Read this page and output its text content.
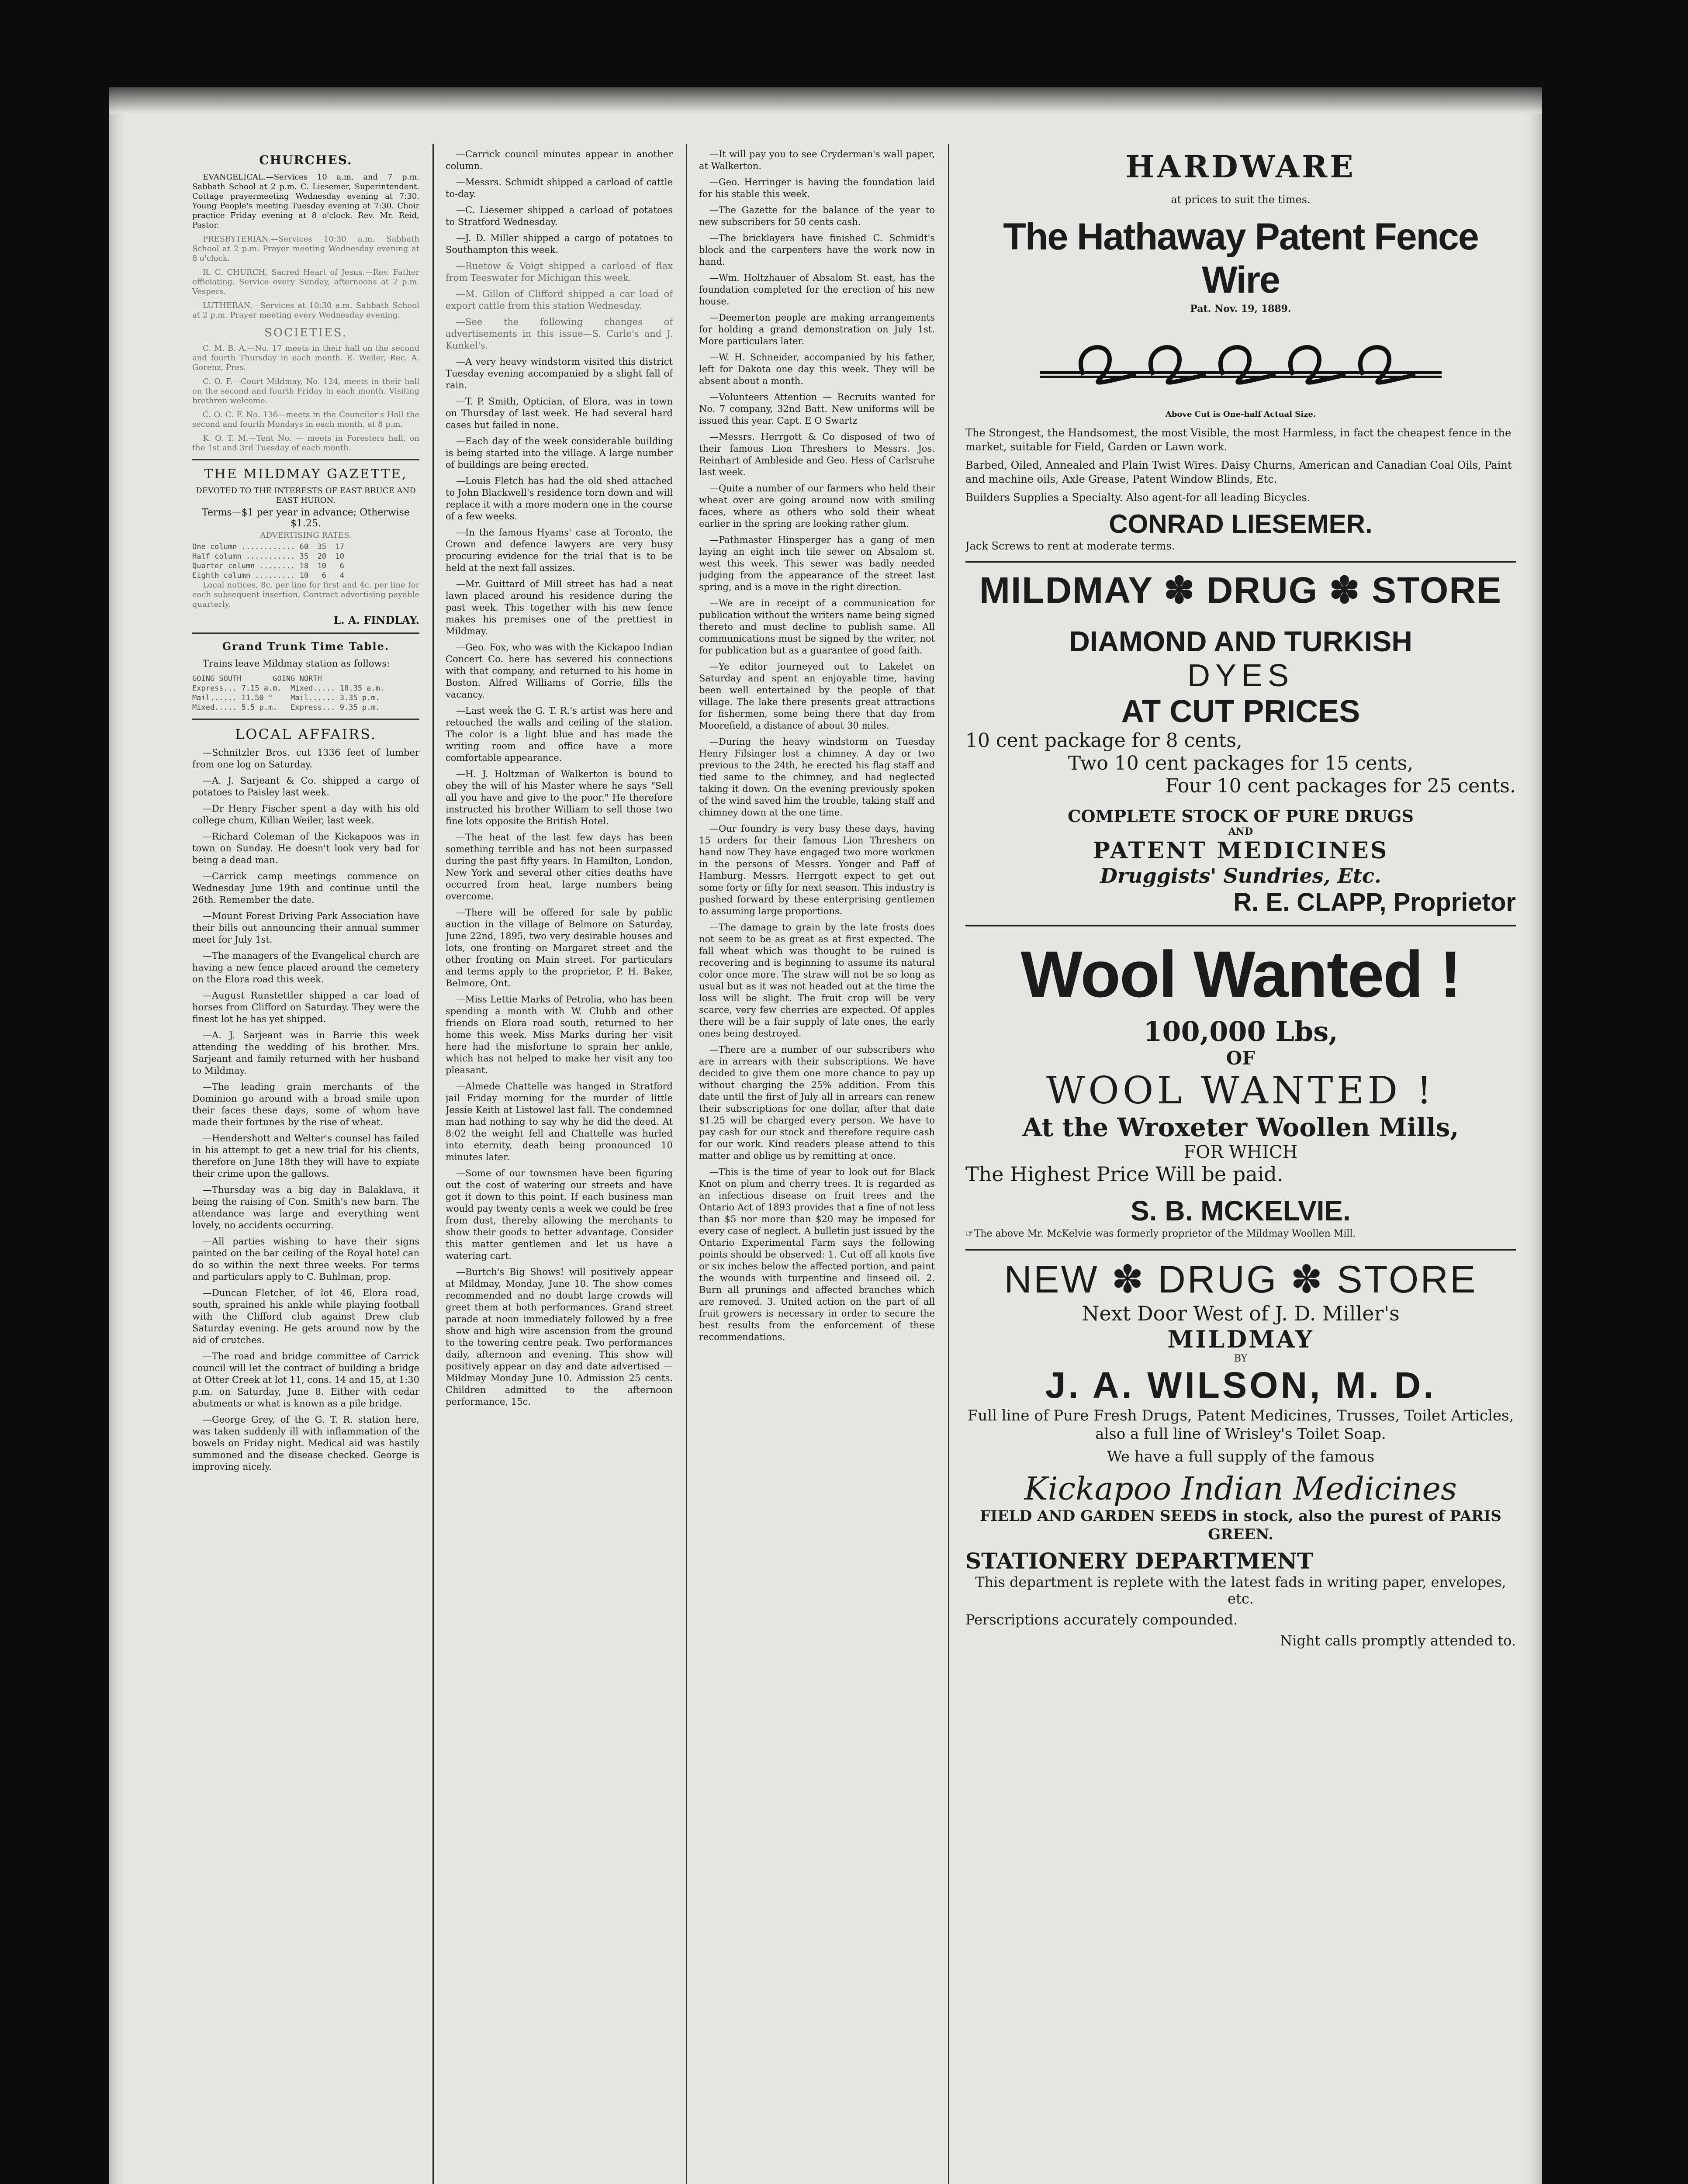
CHURCHES.

EVANGELICAL.—Services 10 a.m. and 7 p.m. Sabbath School at 2 p.m. C. Liesemer, Superintendent. Cottage prayermeeting Wednesday evening at 7:30. Young People's meeting Tuesday evening at 7:30. Choir practice Friday evening at 8 o'clock. Rev. Mr. Reid, Pastor.

PRESBYTERIAN.—Services 10:30 a.m. Sabbath School at 2 p.m. Prayer meeting Wednesday evening at 8 o'clock.

R. C. CHURCH, Sacred Heart of Jesus.—Rev. Father officiating. Service every Sunday, afternoons at 2 p.m. Vespers.

LUTHERAN.—Services at 10:30 a.m. Sabbath School at 2 p.m. Prayer meeting every Wednesday evening.

SOCIETIES.

C. M. B. A.—No. 17 meets in their hall on the second and fourth Thursday in each month. E. Weiler, Rec. A. Gorenz, Pres.

C. O. F.—Court Mildmay, No. 124, meets in their hall on the second and fourth Friday in each month. Visiting brethren welcome.

C. O. C. F. No. 136—meets in the Councilor's Hall the second and fourth Mondays in each month, at 8 p.m.

K. O. T. M.—Tent No. — meets in Foresters hall, on the 1st and 3rd Tuesday of each month.

THE MILDMAY GAZETTE,
DEVOTED TO THE INTERESTS OF EAST BRUCE AND EAST HURON.
Terms—$1 per year in advance; Otherwise $1.25.
ADVERTISING RATES.
One column ............ 60  35  17
Half column ........... 35  20  10
Quarter column ........ 18  10   6
Eighth column ......... 10   6   4

Local notices, 8c. per line for first and 4c. per line for each subsequent insertion. Contract advertising payable quarterly.

L. A. FINDLAY.
Grand Trunk Time Table.

Trains leave Mildmay station as follows:

GOING SOUTH       GOING NORTH
Express... 7.15 a.m.  Mixed..... 10.35 a.m.
Mail...... 11.50 "    Mail...... 3.35 p.m.
Mixed..... 5.5 p.m.   Express... 9.35 p.m.
LOCAL AFFAIRS.

—Schnitzler Bros. cut 1336 feet of lumber from one log on Saturday.

—A. J. Sarjeant & Co. shipped a cargo of potatoes to Paisley last week.

—Dr Henry Fischer spent a day with his old college chum, Killian Weiler, last week.

—Richard Coleman of the Kickapoos was in town on Sunday. He doesn't look very bad for being a dead man.

—Carrick camp meetings commence on Wednesday June 19th and continue until the 26th. Remember the date.

—Mount Forest Driving Park Association have their bills out announcing their annual summer meet for July 1st.

—The managers of the Evangelical church are having a new fence placed around the cemetery on the Elora road this week.

—August Runstettler shipped a car load of horses from Clifford on Saturday. They were the finest lot he has yet shipped.

—A. J. Sarjeant was in Barrie this week attending the wedding of his brother. Mrs. Sarjeant and family returned with her husband to Mildmay.

—The leading grain merchants of the Dominion go around with a broad smile upon their faces these days, some of whom have made their fortunes by the rise of wheat.

—Hendershott and Welter's counsel has failed in his attempt to get a new trial for his clients, therefore on June 18th they will have to expiate their crime upon the gallows.

—Thursday was a big day in Balaklava, it being the raising of Con. Smith's new barn. The attendance was large and everything went lovely, no accidents occurring.

—All parties wishing to have their signs painted on the bar ceiling of the Royal hotel can do so within the next three weeks. For terms and particulars apply to C. Buhlman, prop.

—Duncan Fletcher, of lot 46, Elora road, south, sprained his ankle while playing football with the Clifford club against Drew club Saturday evening. He gets around now by the aid of crutches.

—The road and bridge committee of Carrick council will let the contract of building a bridge at Otter Creek at lot 11, cons. 14 and 15, at 1:30 p.m. on Saturday, June 8. Either with cedar abutments or what is known as a pile bridge.

—George Grey, of the G. T. R. station here, was taken suddenly ill with inflammation of the bowels on Friday night. Medical aid was hastily summoned and the disease checked. George is improving nicely.

—Carrick council minutes appear in another column.

—Messrs. Schmidt shipped a carload of cattle to-day.

—C. Liesemer shipped a carload of potatoes to Stratford Wednesday.

—J. D. Miller shipped a cargo of potatoes to Southampton this week.

—Ruetow & Voigt shipped a carload of flax from Teeswater for Michigan this week.

—M. Gillon of Clifford shipped a car load of export cattle from this station Wednesday.

—See the following changes of advertisements in this issue—S. Carle's and J. Kunkel's.

—A very heavy windstorm visited this district Tuesday evening accompanied by a slight fall of rain.

—T. P. Smith, Optician, of Elora, was in town on Thursday of last week. He had several hard cases but failed in none.

—Each day of the week considerable building is being started into the village. A large number of buildings are being erected.

—Louis Fletch has had the old shed attached to John Blackwell's residence torn down and will replace it with a more modern one in the course of a few weeks.

—In the famous Hyams' case at Toronto, the Crown and defence lawyers are very busy procuring evidence for the trial that is to be held at the next fall assizes.

—Mr. Guittard of Mill street has had a neat lawn placed around his residence during the past week. This together with his new fence makes his premises one of the prettiest in Mildmay.

—Geo. Fox, who was with the Kickapoo Indian Concert Co. here has severed his connections with that company, and returned to his home in Boston. Alfred Williams of Gorrie, fills the vacancy.

—Last week the G. T. R.'s artist was here and retouched the walls and ceiling of the station. The color is a light blue and has made the writing room and office have a more comfortable appearance.

—H. J. Holtzman of Walkerton is bound to obey the will of his Master where he says "Sell all you have and give to the poor." He therefore instructed his brother William to sell those two fine lots opposite the British Hotel.

—The heat of the last few days has been something terrible and has not been surpassed during the past fifty years. In Hamilton, London, New York and several other cities deaths have occurred from heat, large numbers being overcome.

—There will be offered for sale by public auction in the village of Belmore on Saturday, June 22nd, 1895, two very desirable houses and lots, one fronting on Margaret street and the other fronting on Main street. For particulars and terms apply to the proprietor, P. H. Baker, Belmore, Ont.

—Miss Lettie Marks of Petrolia, who has been spending a month with W. Clubb and other friends on Elora road south, returned to her home this week. Miss Marks during her visit here had the misfortune to sprain her ankle, which has not helped to make her visit any too pleasant.

—Almede Chattelle was hanged in Stratford jail Friday morning for the murder of little Jessie Keith at Listowel last fall. The condemned man had nothing to say why he did the deed. At 8:02 the weight fell and Chattelle was hurled into eternity, death being pronounced 10 minutes later.

—Some of our townsmen have been figuring out the cost of watering our streets and have got it down to this point. If each business man would pay twenty cents a week we could be free from dust, thereby allowing the merchants to show their goods to better advantage. Consider this matter gentlemen and let us have a watering cart.

—Burtch's Big Shows! will positively appear at Mildmay, Monday, June 10. The show comes recommended and no doubt large crowds will greet them at both performances. Grand street parade at noon immediately followed by a free show and high wire ascension from the ground to the towering centre peak. Two performances daily, afternoon and evening. This show will positively appear on day and date advertised — Mildmay Monday June 10. Admission 25 cents. Children admitted to the afternoon performance, 15c.

—It will pay you to see Cryderman's wall paper, at Walkerton.

—Geo. Herringer is having the foundation laid for his stable this week.

—The Gazette for the balance of the year to new subscribers for 50 cents cash.

—The bricklayers have finished C. Schmidt's block and the carpenters have the work now in hand.

—Wm. Holtzhauer of Absalom St. east, has the foundation completed for the erection of his new house.

—Deemerton people are making arrangements for holding a grand demonstration on July 1st. More particulars later.

—W. H. Schneider, accompanied by his father, left for Dakota one day this week. They will be absent about a month.

—Volunteers Attention — Recruits wanted for No. 7 company, 32nd Batt. New uniforms will be issued this year. Capt. E O Swartz

—Messrs. Herrgott & Co disposed of two of their famous Lion Threshers to Messrs. Jos. Reinhart of Ambleside and Geo. Hess of Carlsruhe last week.

—Quite a number of our farmers who held their wheat over are going around now with smiling faces, where as others who sold their wheat earlier in the spring are looking rather glum.

—Pathmaster Hinsperger has a gang of men laying an eight inch tile sewer on Absalom st. west this week. This sewer was badly needed judging from the appearance of the street last spring, and is a move in the right direction.

—We are in receipt of a communication for publication without the writers name being signed thereto and must decline to publish same. All communications must be signed by the writer, not for publication but as a guarantee of good faith.

—Ye editor journeyed out to Lakelet on Saturday and spent an enjoyable time, having been well entertained by the people of that village. The lake there presents great attractions for fishermen, some being there that day from Moorefield, a distance of about 30 miles.

—During the heavy windstorm on Tuesday Henry Filsinger lost a chimney. A day or two previous to the 24th, he erected his flag staff and tied same to the chimney, and had neglected taking it down. On the evening previously spoken of the wind saved him the trouble, taking staff and chimney down at the one time.

—Our foundry is very busy these days, having 15 orders for their famous Lion Threshers on hand now They have engaged two more workmen in the persons of Messrs. Yonger and Paff of Hamburg. Messrs. Herrgott expect to get out some forty or fifty for next season. This industry is pushed forward by these enterprising gentlemen to assuming large proportions.

—The damage to grain by the late frosts does not seem to be as great as at first expected. The fall wheat which was thought to be ruined is recovering and is beginning to assume its natural color once more. The straw will not be so long as usual but as it was not headed out at the time the loss will be slight. The fruit crop will be very scarce, very few cherries are expected. Of apples there will be a fair supply of late ones, the early ones being destroyed.

—There are a number of our subscribers who are in arrears with their subscriptions. We have decided to give them one more chance to pay up without charging the 25% addition. From this date until the first of July all in arrears can renew their subscriptions for one dollar, after that date $1.25 will be charged every person. We have to pay cash for our stock and therefore require cash for our work. Kind readers please attend to this matter and oblige us by remitting at once.

—This is the time of year to look out for Black Knot on plum and cherry trees. It is regarded as an infectious disease on fruit trees and the Ontario Act of 1893 provides that a fine of not less than $5 nor more than $20 may be imposed for every case of neglect. A bulletin just issued by the Ontario Experimental Farm says the following points should be observed: 1. Cut off all knots five or six inches below the affected portion, and paint the wounds with turpentine and linseed oil. 2. Burn all prunings and affected branches which are removed. 3. United action on the part of all fruit growers is necessary in order to secure the best results from the enforcement of these recommendations.

HARDWARE

at prices to suit the times.

The Hathaway Patent Fence Wire

Pat. Nov. 19, 1889.

Above Cut is One-half Actual Size.

The Strongest, the Handsomest, the most Visible, the most Harmless, in fact the cheapest fence in the market, suitable for Field, Garden or Lawn work.

Barbed, Oiled, Annealed and Plain Twist Wires. Daisy Churns, American and Canadian Coal Oils, Paint and machine oils, Axle Grease, Patent Window Blinds, Etc.

Builders Supplies a Specialty. Also agent-for all leading Bicycles.

CONRAD LIESEMER.

Jack Screws to rent at moderate terms.

MILDMAY ✽ DRUG ✽ STORE
DIAMOND AND TURKISH
DYES
AT CUT PRICES
10 cent package for 8 cents,
Two 10 cent packages for 15 cents,
Four 10 cent packages for 25 cents.
COMPLETE STOCK OF PURE DRUGS
AND
PATENT MEDICINES
Druggists' Sundries, Etc.
R. E. CLAPP, Proprietor
Wool Wanted !
100,000 Lbs,
OF
WOOL WANTED !
At the Wroxeter Woollen Mills,
FOR WHICH
The Highest Price Will be paid.
S. B. MCKELVIE.

☞The above Mr. McKelvie was formerly proprietor of the Mildmay Woollen Mill.

NEW ✽ DRUG ✽ STORE
Next Door West of J. D. Miller's
MILDMAY
BY
J. A. WILSON, M. D.

Full line of Pure Fresh Drugs, Patent Medicines, Trusses, Toilet Articles, also a full line of Wrisley's Toilet Soap.

We have a full supply of the famous

Kickapoo Indian Medicines

FIELD AND GARDEN SEEDS in stock, also the purest of PARIS GREEN.

STATIONERY DEPARTMENT

This department is replete with the latest fads in writing paper, envelopes, etc.

Perscriptions accurately compounded.

Night calls promptly attended to.
